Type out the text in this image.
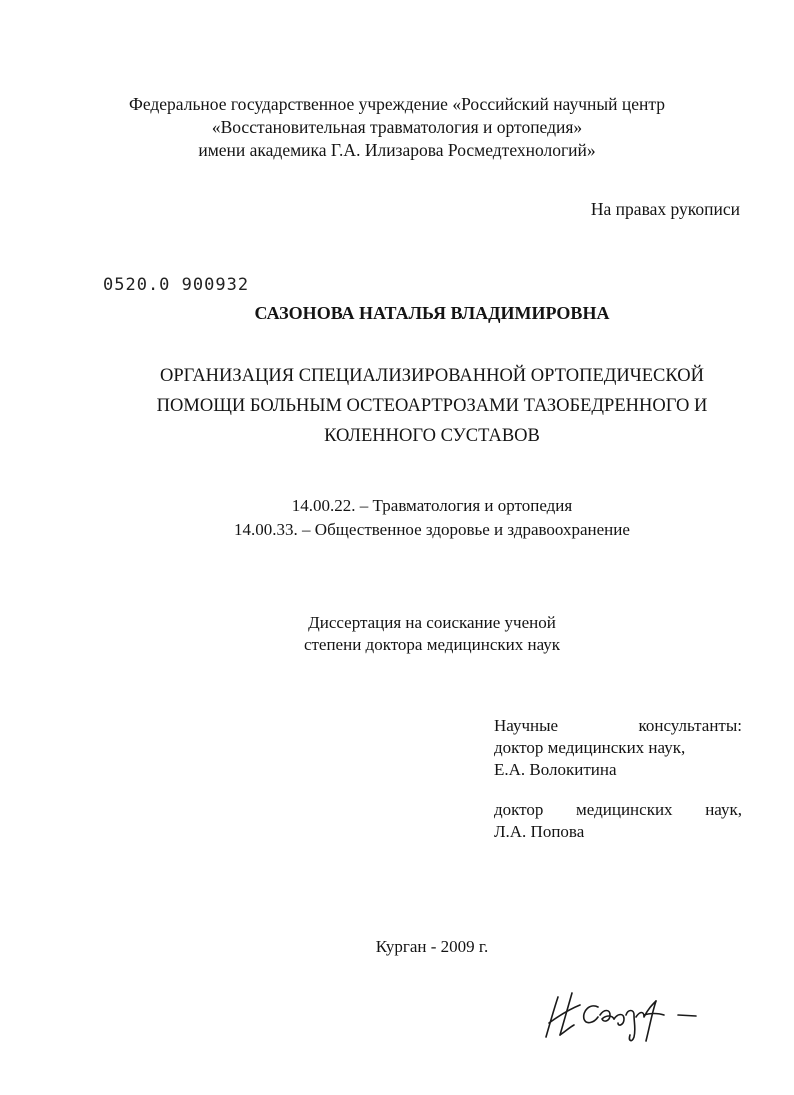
Федеральное государственное учреждение «Российский научный центр
«Восстановительная травматология и ортопедия»
имени академика Г.А. Илизарова Росмедтехнологий»
На правах рукописи
0520.0 900932
САЗОНОВА НАТАЛЬЯ ВЛАДИМИРОВНА
ОРГАНИЗАЦИЯ СПЕЦИАЛИЗИРОВАННОЙ ОРТОПЕДИЧЕСКОЙ
ПОМОЩИ БОЛЬНЫМ ОСТЕОАРТРОЗАМИ ТАЗОБЕДРЕННОГО И
КОЛЕННОГО СУСТАВОВ
14.00.22. – Травматология и ортопедия
14.00.33. – Общественное здоровье и здравоохранение
Диссертация на соискание ученой
степени доктора медицинских наук
Научные	консультанты:
доктор медицинских наук,
Е.А. Волокитина
доктор медицинских наук,
Л.А. Попова
Курган - 2009 г.
